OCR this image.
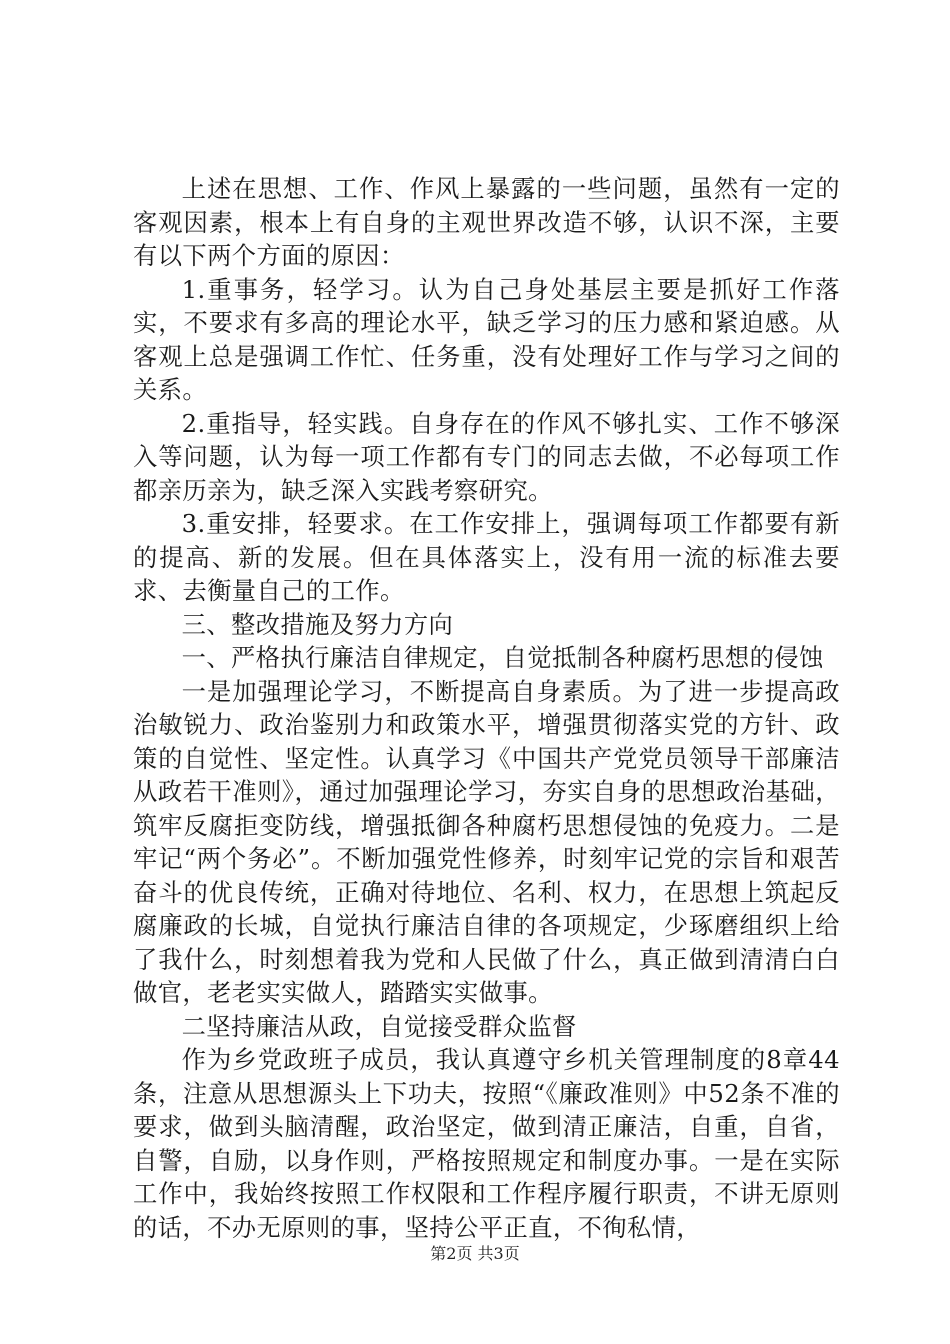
上述在思想、工作、作风上暴露的一些问题，虽然有一定的客观因素，根本上有自身的主观世界改造不够，认识不深，主要有以下两个方面的原因：

1.重事务，轻学习。认为自己身处基层主要是抓好工作落实，不要求有多高的理论水平，缺乏学习的压力感和紧迫感。从客观上总是强调工作忙、任务重，没有处理好工作与学习之间的关系。

2.重指导，轻实践。自身存在的作风不够扎实、工作不够深入等问题，认为每一项工作都有专门的同志去做，不必每项工作都亲历亲为，缺乏深入实践考察研究。

3.重安排，轻要求。在工作安排上，强调每项工作都要有新的提高、新的发展。但在具体落实上，没有用一流的标准去要求、去衡量自己的工作。

三、整改措施及努力方向

一、严格执行廉洁自律规定，自觉抵制各种腐朽思想的侵蚀

一是加强理论学习，不断提高自身素质。为了进一步提高政治敏锐力、政治鉴别力和政策水平，增强贯彻落实党的方针、政策的自觉性、坚定性。认真学习《中国共产党党员领导干部廉洁从政若干准则》，通过加强理论学习，夯实自身的思想政治基础，筑牢反腐拒变防线，增强抵御各种腐朽思想侵蚀的免疫力。二是牢记“两个务必”。不断加强党性修养，时刻牢记党的宗旨和艰苦奋斗的优良传统，正确对待地位、名利、权力，在思想上筑起反腐廉政的长城，自觉执行廉洁自律的各项规定，少琢磨组织上给了我什么，时刻想着我为党和人民做了什么，真正做到清清白白做官，老老实实做人，踏踏实实做事。

二坚持廉洁从政，自觉接受群众监督

作为乡党政班子成员，我认真遵守乡机关管理制度的8章44条，注意从思想源头上下功夫，按照“《廉政准则》中52条不准的要求，做到头脑清醒，政治坚定，做到清正廉洁，自重，自省，自警，自励，以身作则，严格按照规定和制度办事。一是在实际工作中，我始终按照工作权限和工作程序履行职责，不讲无原则的话，不办无原则的事，坚持公平正直，不徇私情，

第2页 共3页
